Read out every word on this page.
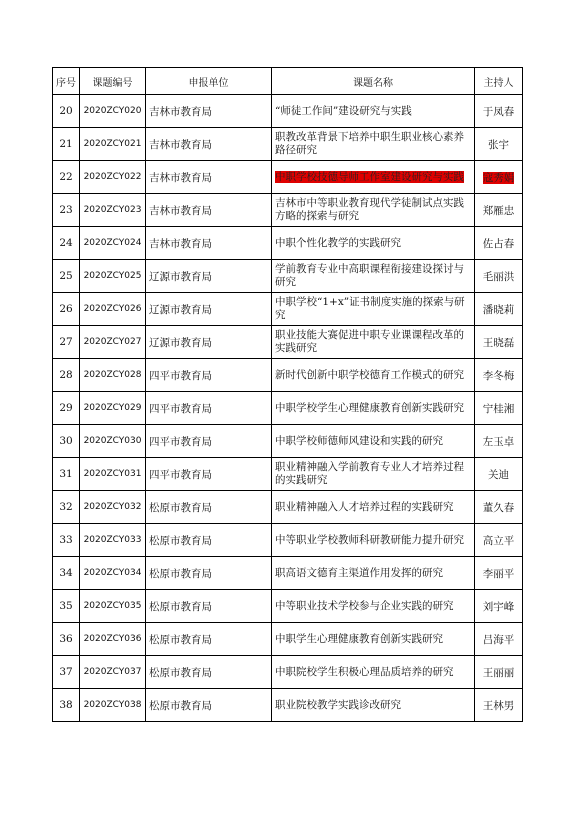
序号	课题编号	申报单位	课题名称	主持人
20	2020ZCY020	吉林市教育局	“师徒工作间”建设研究与实践	于凤春
21	2020ZCY021	吉林市教育局	职教改革背景下培养中职生职业核心素养路径研究	张宇
22	2020ZCY022	吉林市教育局	中职学校技德导师工作室建设研究与实践	寇秀娟
23	2020ZCY023	吉林市教育局	吉林市中等职业教育现代学徒制试点实践方略的探索与研究	郑雁忠
24	2020ZCY024	吉林市教育局	中职个性化教学的实践研究	佐占春
25	2020ZCY025	辽源市教育局	学前教育专业中高职课程衔接建设探讨与研究	毛丽洪
26	2020ZCY026	辽源市教育局	中职学校“1+x”证书制度实施的探索与研究	潘晓莉
27	2020ZCY027	辽源市教育局	职业技能大赛促进中职专业课课程改革的实践研究	王晓磊
28	2020ZCY028	四平市教育局	新时代创新中职学校德育工作模式的研究	李冬梅
29	2020ZCY029	四平市教育局	中职学校学生心理健康教育创新实践研究	宁桂湘
30	2020ZCY030	四平市教育局	中职学校师德师风建设和实践的研究	左玉卓
31	2020ZCY031	四平市教育局	职业精神融入学前教育专业人才培养过程的实践研究	关迪
32	2020ZCY032	松原市教育局	职业精神融入人才培养过程的实践研究	董久春
33	2020ZCY033	松原市教育局	中等职业学校教师科研教研能力提升研究	高立平
34	2020ZCY034	松原市教育局	职高语文德育主渠道作用发挥的研究	李丽平
35	2020ZCY035	松原市教育局	中等职业技术学校参与企业实践的研究	刘宇峰
36	2020ZCY036	松原市教育局	中职学生心理健康教育创新实践研究	吕海平
37	2020ZCY037	松原市教育局	中职院校学生积极心理品质培养的研究	王丽丽
38	2020ZCY038	松原市教育局	职业院校教学实践诊改研究	王林男
